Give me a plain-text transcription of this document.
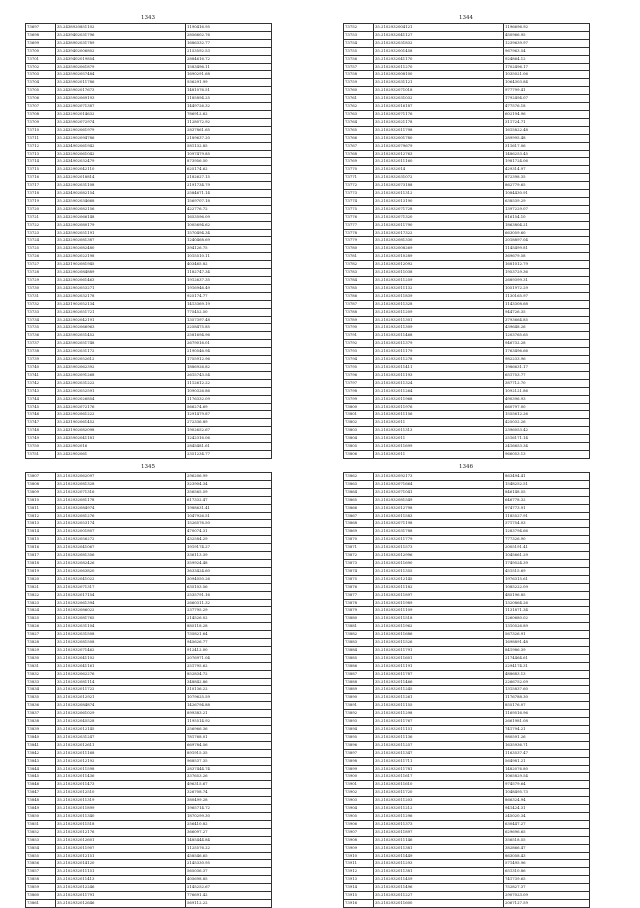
1343
73697	35.2438920851102	1190416.95
73698	35.2439402031796	2856602.76
73699	35.2438902031789	1686332.77
73700	35.2439402006802	2153592.53
73701	35.2439402019854	2884616.72
73702	35.2435902061879	1583496.11
73703	35.2435902057484	1690291.68
73704	35.2435902011786	936291.99
73705	35.2435902017673	1481076.51
73706	35.2435902069193	1185894.25
73707	35.2432902071387	1449726.32
73708	35.2432902014632	786912.62
73709	35.2435902072974	1128072.92
73710	35.2432902061979	2837861.65
73711	35.2432902094786	2189637.20
73712	35.2434902061942	581132.85
73713	35.2432902061042	1097479.85
73714	35.2434902032479	873956.50
73715	35.2432902042110	625174.62
73716	35.2432902018814	2182627.15
73717	35.2432902031108	2191734.79
73718	35.2434902082154	2584671.14
73719	35.2435902034668	1569707.18
73720	35.2435902082156	422776.72
73721	35.2432902066148	1653596.09
73722	35.2432902080179	1005694.62
73723	35.2435902051191	1570494.34
73724	35.2432902081387	1240468.69
73725	35.2432902082480	394126.75
73726	35.2432902022198	1015510.11
73727	35.2431902081945	403465.82
73728	35.2432902084889	1182747.34
73729	35.2432902061463	1912637.35
73730	35.2432902053271	1916946.49
73731	35.2432902032178	925174.77
73732	35.2431902052134	1413369.19
73733	35.2432902051721	775452.50
73734	35.2432902042191	1357397.48
73735	35.2432902066963	2258475.85
73736	35.2435902051452	2581694.96
73737	35.2435902051748	2679016.01
73738	35.2432902031172	2190546.94
73739	35.2432902052612	1755912.96
73740	35.2435902062392	1886926.82
73741	35.2432902091268	2615743.54
73742	35.2432902031222	1112612.22
73743	35.2432902052591	1090326.86
73744	35.2432902026854	1176332.09
73745	35.2432902072176	566274.69
73746	35.2432902061222	1291479.87
73747	35.2431902061452	272336.89
73748	35.2431902082098	1902652.67
73749	35.2435902041181	1242316.06
73750	35.2432902016	2845481.61
73751	35.2432902061	2351234.77
1344
73752	35.2102932004121	1196696.92
73753	35.2102932041127	450966.95
73754	35.2102932031832	1239639.97
73755	35.2102932001458	967963.54
73756	35.2102932041170	924864.12
73757	35.2102932011270	1702496.17
73758	35.2102932008100	1035021.06
73759	35.2102932031121	1064303.84
73760	35.2102932071018	977799.41
73761	35.2102932031032	1792494.07
73762	35.2102932016187	477576.18
73763	35.2102932071176	602194.96
73764	35.2102932021178	311724.71
73765	35.2102932011798	1615822.48
73766	35.2102932001780	289995.48
73767	35.2102932079679	311617.06
73768	35.2102932012763	1486253.45
73769	35.2102932011160	1981724.06
73770	35.2102932014	429314.97
73771	35.2102932031072	872398.35
73772	35.2102932073188	862779.65
73773	35.2102932011312	1084430.91
73774	35.2102932013190	638539.29
73775	35.2102932071728	1397229.07
73776	35.2102932071320	816154.10
73777	35.2102932011790	1863804.21
73778	35.2102932017322	663059.60
73779	35.2102932081330	2018897.04
73780	35.2102932008269	1145499.81
73781	35.2102932010289	369679.58
73782	35.2102932012092	1681012.79
73783	35.2102932011038	1953729.36
73784	35.2102932011259	2689399.31
73785	35.2102932011132	1051972.29
73786	35.2102932011839	1130165.97
73787	35.2102932011328	1143308.68
73788	35.2102932011209	944726.35
73789	35.2102932011301	3793664.85
73790	35.2102932011309	439648.26
73791	35.2102932011468	1203765.65
73792	35.2102932011379	946732.28
73793	35.2102932011179	1763496.66
73794	35.2102932011278	982233.96
73795	35.2102932011411	1986631.17
73796	35.2102932011193	651753.77
73797	35.2102932011324	387712.70
73798	35.2102932011264	1092121.86
73799	35.2102932011968	490396.93
73800	35.2102932011976	660797.00
73801	35.2102932011156	1555612.26
73802	35.2102932011	425032.26
73803	35.2102932011313	2396053.42
73804	35.2102932011	2516171.14
73805	35.2102932011699	2416653.34
73806	35.2102932011	966053.13
1345
73807	35.2102932062097	296206.99
73808	35.2102932081328	323904.34
73809	35.2102932071316	356565.59
73810	35.2102932081178	617332.47
73811	35.2102932084974	1988631.41
73812	35.2102932081276	1047926.51
73813	35.2102932053174	1526576.50
73814	35.2102932001807	470074.31
73815	35.2102932056272	432584.29
73816	35.2102932041067	1919174.27
73817	35.2102932081356	336113.39
73818	35.2102932082426	359924.48
73819	35.2102932063820	3633424.60
73820	35.2102932041022	3094050.26
73821	35.2102932071317	635103.56
73822	35.2102932017154	2535791.16
73823	35.2102932061394	2660311.32
73824	35.2102932086022	237795.29
73825	35.2102932081765	214526.02
73826	35.2102932031104	885118.28
73827	35.2102932031508	735821.64
73828	35.2102932081508	945626.77
73829	35.2102932071462	912412.00
73830	35.2102932041102	2076971.04
73831	35.2102932041161	251795.62
73832	35.2102932062276	852834.72
73833	35.2102932081114	348842.86
73834	35.2102932011722	310136.22
73835	35.2102932012921	1079625.59
73836	35.2102932084874	1426794.88
73837	35.2102932061029	899383.21
73838	35.2102932045528	1195514.92
73839	35.2102932012145	256966.36
73840	35.2102932031247	781768.01
73841	35.2102932012611	669784.56
73842	35.2102932011168	891915.35
73843	35.2102932012192	968537.35
73844	35.2102932011598	2837444.74
73845	35.2102932011436	337653.26
73846	35.2102932011473	496315.67
73847	35.2102932012510	326708.74
73848	35.2102932011319	380499.28
73849	35.2102932011899	1965714.72
73850	35.2102932011340	1870299.30
73851	35.2102932011518	256410.82
73852	35.2102932012176	366097.27
73853	35.2102932012601	1485444.84
73854	35.2102932011907	1125576.22
73855	35.2102932012151	458546.65
73856	35.2102932014120	2145330.95
73857	35.2102932011151	565036.37
73858	35.2102932011413	405698.85
73859	35.2102932012246	2145252.67
73860	35.2102932011791	776691.42
73861	35.2102932012646	569112.22
1346
73862	35.2102932092173	863494.41
73863	35.2102932071664	1548252.51
73864	35.2102932071041	846148.55
73865	35.2102932081549	646778.32
73866	35.2102932012798	974773.91
73867	35.2102932011583	1185527.91
73868	35.2102932071198	371754.03
73869	35.2102932031788	1283794.66
73870	35.2102932011779	777326.90
73871	35.2102932011573	2005191.41
73872	35.2102932012996	1045661.29
73873	35.2102932011690	1749524.39
73874	35.2102932011355	451515.69
73875	35.2102932012145	1976315.61
73876	35.2102932011182	1085222.09
73877	35.2102932011897	485196.85
73878	35.2102932011989	1320864.26
73879	35.2102932011109	1131871.34
73880	35.2102932011518	1260680.02
73881	35.2102932011962	1310526.89
73882	35.2102932011686	567326.91
73883	35.2102932011526	1698891.48
73884	35.2102932011791	841986.39
73885	35.2102932011601	2174464.61
73886	35.2102932011191	2294174.31
73887	35.2102932011787	488683.13
73888	35.2102932011466	2266752.09
73889	35.2102932011245	1315837.60
73890	35.2102932011261	1176788.30
73891	35.2102932011155	855176.07
73892	35.2102932011298	1169516.96
73893	35.2102932011767	2661981.08
73894	35.2102932011151	741794.21
73895	35.2102932011136	980591.26
73896	35.2102932011257	1635936.71
73897	35.2102932011347	1163537.47
73898	35.2102932011711	564981.21
73899	35.2102932011781	1482076.80
73900	35.2102932011617	1065829.54
73901	35.2102932011610	974579.64
73902	35.2102932011720	1048495.73
73903	35.2102932011203	866324.94
73904	35.2102932011212	941424.31
73905	35.2102932011296	245020.34
73906	35.2102932011373	630447.27
73907	35.2102932011897	629696.65
73908	35.2102932011146	356518.55
73909	35.2102932011381	382866.47
73910	35.2102932011449	863058.43
73911	35.2102932011293	571495.96
73912	35.2102932011381	651310.86
73913	35.2102932011459	741739.65
73914	35.2102932011496	752827.37
73915	35.2102932011227	2907023.09
73916	35.2102932011600	2067127.59
